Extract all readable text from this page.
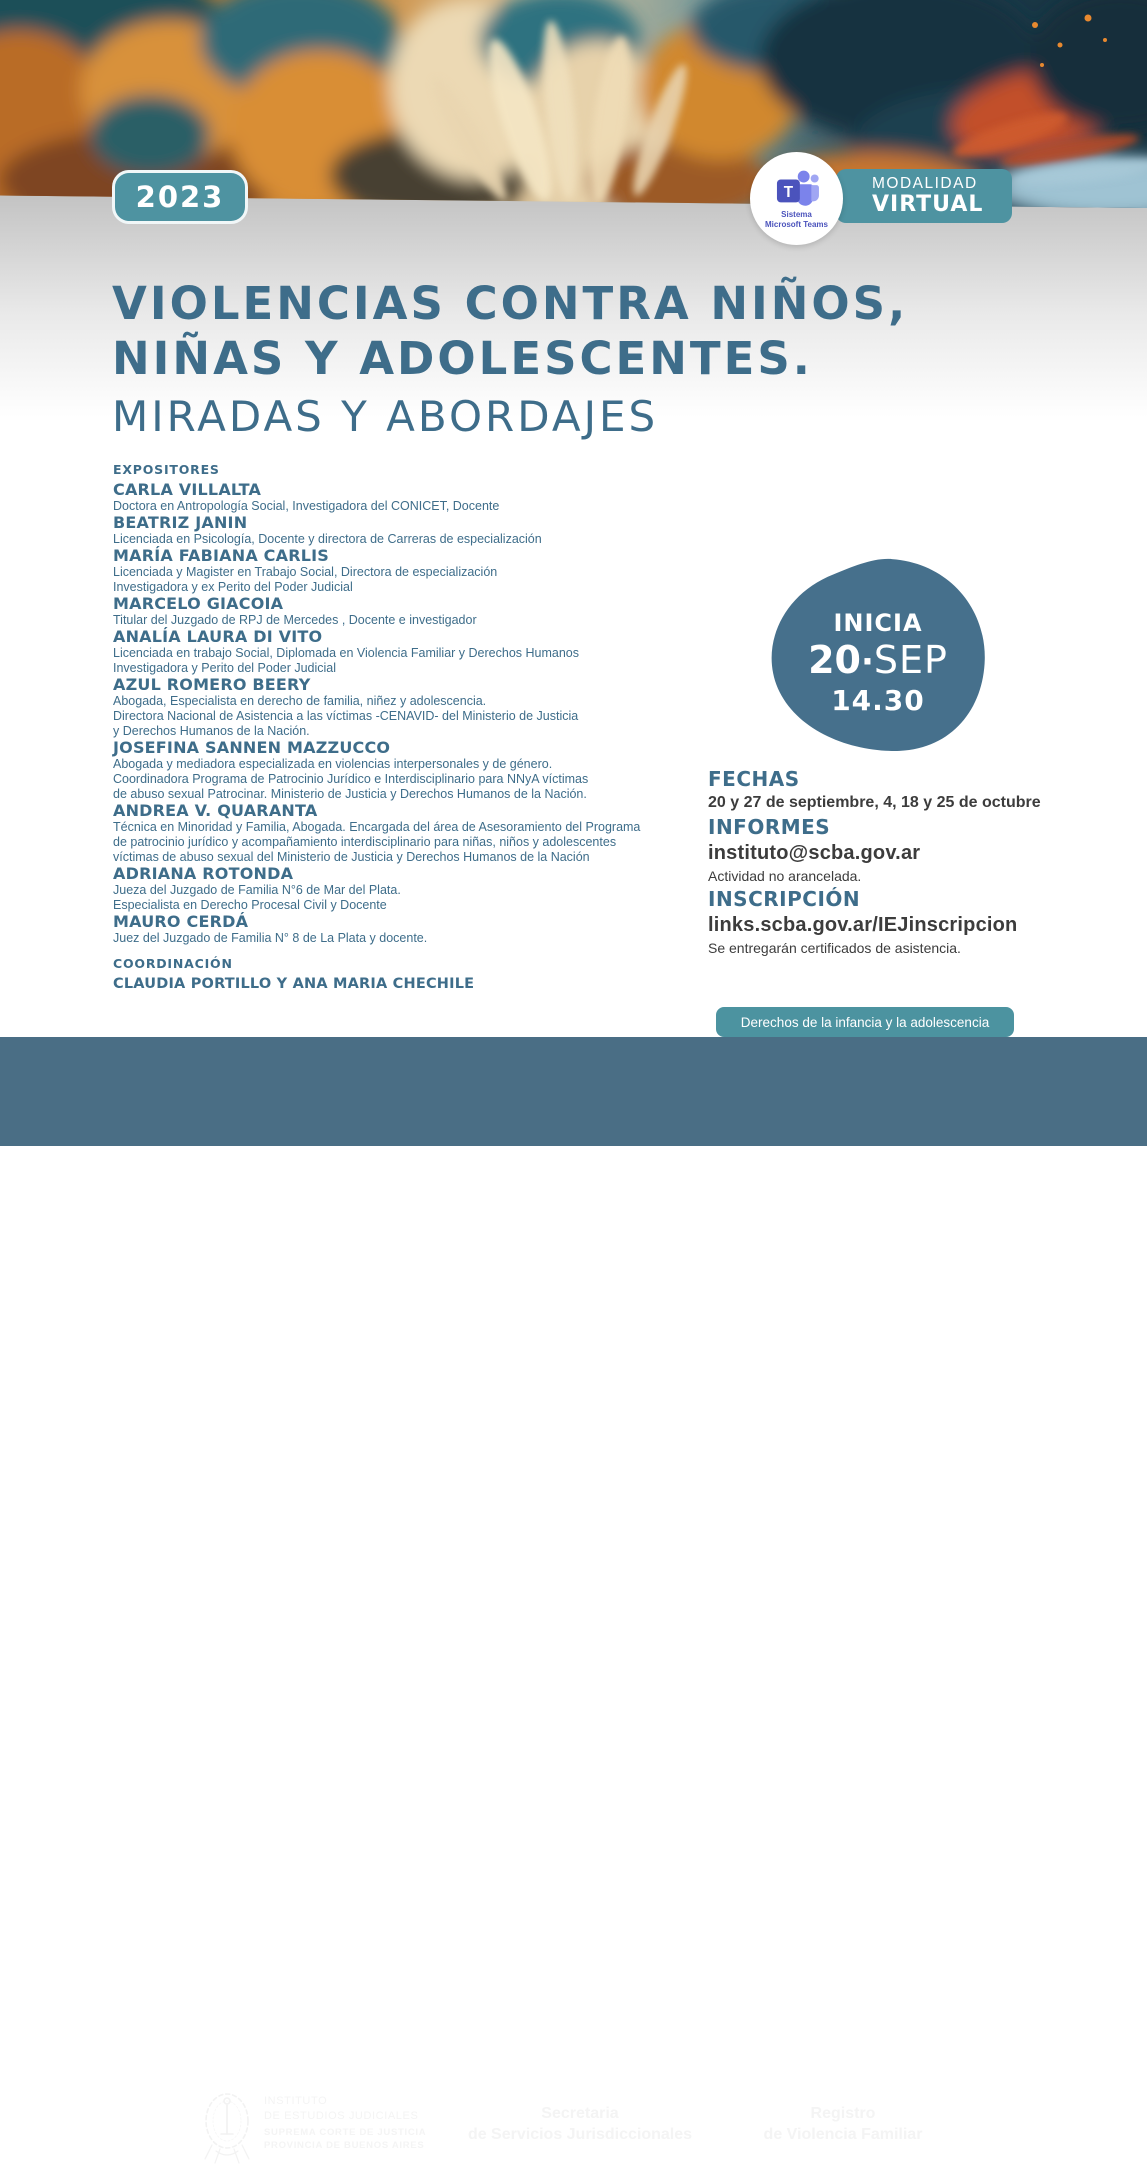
2023	T
Sistema
Microsoft Teams
MODALIDAD
VIRTUAL
VIOLENCIAS CONTRA NIÑOS,
NIÑAS Y ADOLESCENTES.
MIRADAS Y ABORDAJES
EXPOSITORES
CARLA VILLALTA
Doctora en Antropología Social, Investigadora del CONICET, Docente
BEATRIZ JANIN
Licenciada en Psicología, Docente y directora de Carreras de especialización
MARÍA FABIANA CARLIS
Licenciada y Magister en Trabajo Social, Directora de especialización
Investigadora y ex Perito del Poder Judicial
MARCELO GIACOIA
Titular del Juzgado de RPJ de Mercedes , Docente e investigador
ANALÍA LAURA DI VITO
Licenciada en trabajo Social, Diplomada en Violencia Familiar y Derechos Humanos
Investigadora y Perito del Poder Judicial
AZUL ROMERO BEERY
Abogada, Especialista en derecho de familia, niñez y adolescencia.
Directora Nacional de Asistencia a las víctimas -CENAVID- del Ministerio de Justicia
y Derechos Humanos de la Nación.
JOSEFINA SANNEN MAZZUCCO
Abogada y mediadora especializada en violencias interpersonales y de género.
Coordinadora Programa de Patrocinio Jurídico e Interdisciplinario para NNyA víctimas
de abuso sexual Patrocinar. Ministerio de Justicia y Derechos Humanos de la Nación.
ANDREA V. QUARANTA
Técnica en Minoridad y Familia, Abogada. Encargada del área de Asesoramiento del Programa
de patrocinio jurídico y acompañamiento interdisciplinario para niñas, niños y adolescentes
víctimas de abuso sexual del Ministerio de Justicia y Derechos Humanos de la Nación
ADRIANA ROTONDA
Jueza del Juzgado de Familia N°6 de Mar del Plata.
Especialista en Derecho Procesal Civil y Docente
MAURO CERDÁ
Juez del Juzgado de Familia N° 8 de La Plata y docente.
COORDINACIÓN
CLAUDIA PORTILLO Y ANA MARIA CHECHILE
INICIA
20·SEP
14.30
FECHAS
20 y 27 de septiembre, 4, 18 y 25 de octubre
INFORMES
instituto@scba.gov.ar
Actividad no arancelada.
INSCRIPCIÓN
links.scba.gov.ar/IEJinscripcion
Se entregarán certificados de asistencia.
Derechos de la infancia y la adolescencia
INSTITUTO
DE ESTUDIOS JUDICIALES
SUPREMA CORTE DE JUSTICIA
PROVINCIA DE BUENOS AIRES
Secretaria
de Servicios Jurisdiccionales
Registro
de Violencia Familiar
